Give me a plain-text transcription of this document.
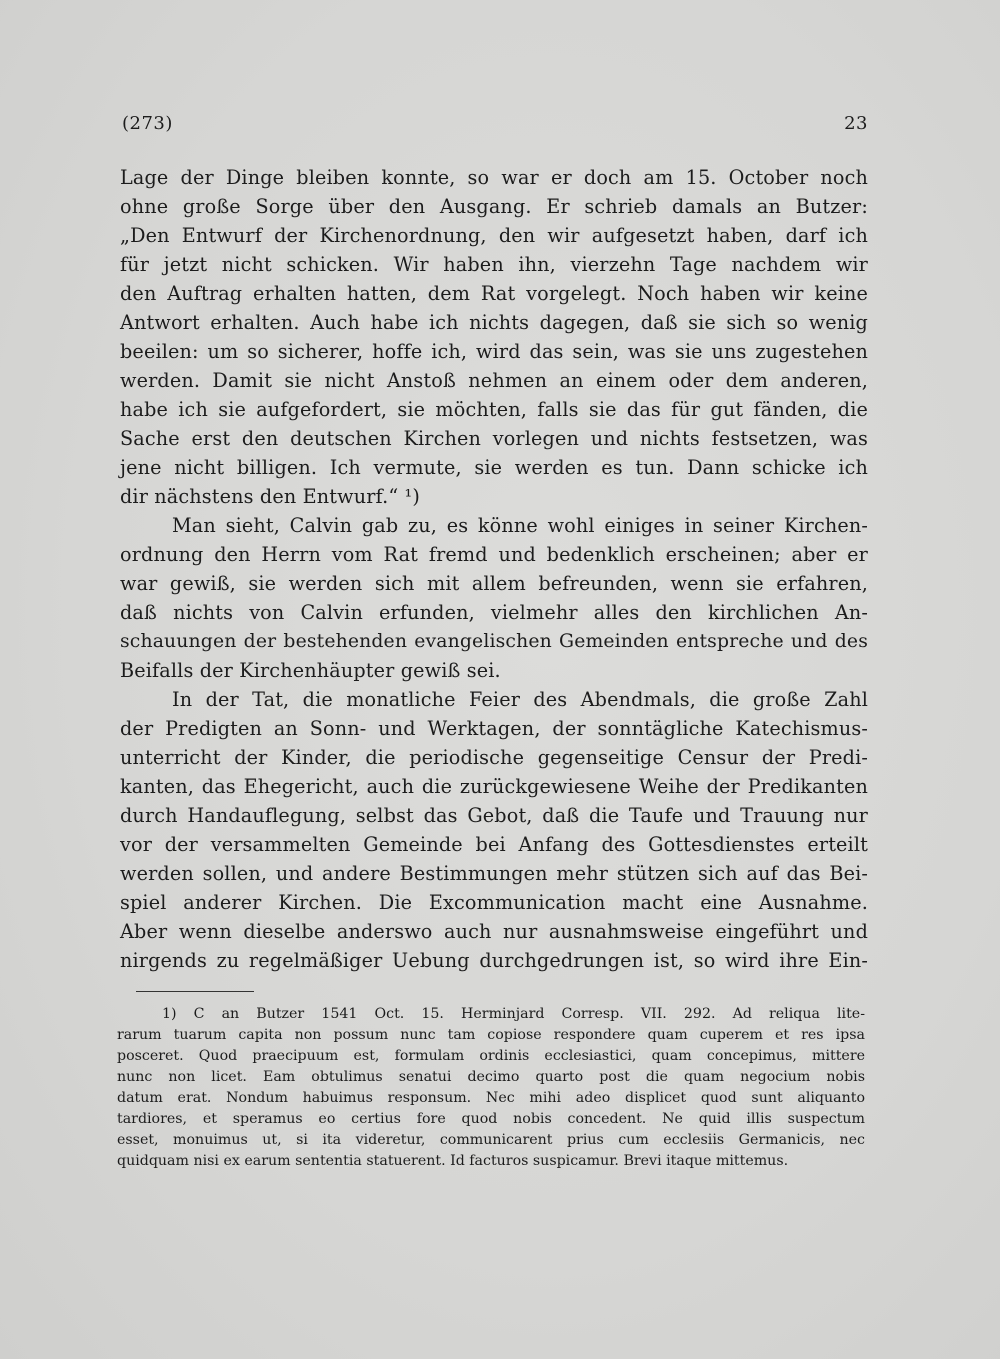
(273)	23
Lage der Dinge bleiben konnte, so war er doch am 15. October noch
ohne große Sorge über den Ausgang. Er schrieb damals an Butzer:
„Den Entwurf der Kirchenordnung, den wir aufgesetzt haben, darf ich
für jetzt nicht schicken. Wir haben ihn, vierzehn Tage nachdem wir
den Auftrag erhalten hatten, dem Rat vorgelegt. Noch haben wir keine
Antwort erhalten. Auch habe ich nichts dagegen, daß sie sich so wenig
beeilen: um so sicherer, hoffe ich, wird das sein, was sie uns zugestehen
werden. Damit sie nicht Anstoß nehmen an einem oder dem anderen,
habe ich sie aufgefordert, sie möchten, falls sie das für gut fänden, die
Sache erst den deutschen Kirchen vorlegen und nichts festsetzen, was
jene nicht billigen. Ich vermute, sie werden es tun. Dann schicke ich
dir nächstens den Entwurf.“ ¹)
Man sieht, Calvin gab zu, es könne wohl einiges in seiner Kirchen-
ordnung den Herrn vom Rat fremd und bedenklich erscheinen; aber er
war gewiß, sie werden sich mit allem befreunden, wenn sie erfahren,
daß nichts von Calvin erfunden, vielmehr alles den kirchlichen An-
schauungen der bestehenden evangelischen Gemeinden entspreche und des
Beifalls der Kirchenhäupter gewiß sei.
In der Tat, die monatliche Feier des Abendmals, die große Zahl
der Predigten an Sonn- und Werktagen, der sonntägliche Katechismus-
unterricht der Kinder, die periodische gegenseitige Censur der Predi-
kanten, das Ehegericht, auch die zurückgewiesene Weihe der Predikanten
durch Handauflegung, selbst das Gebot, daß die Taufe und Trauung nur
vor der versammelten Gemeinde bei Anfang des Gottesdienstes erteilt
werden sollen, und andere Bestimmungen mehr stützen sich auf das Bei-
spiel anderer Kirchen. Die Excommunication macht eine Ausnahme.
Aber wenn dieselbe anderswo auch nur ausnahmsweise eingeführt und
nirgends zu regelmäßiger Uebung durchgedrungen ist, so wird ihre Ein-
1) C an Butzer 1541 Oct. 15. Herminjard Corresp. VII. 292. Ad reliqua lite-
rarum tuarum capita non possum nunc tam copiose respondere quam cuperem et res ipsa
posceret. Quod praecipuum est, formulam ordinis ecclesiastici, quam concepimus, mittere
nunc non licet. Eam obtulimus senatui decimo quarto post die quam negocium nobis
datum erat. Nondum habuimus responsum. Nec mihi adeo displicet quod sunt aliquanto
tardiores, et speramus eo certius fore quod nobis concedent. Ne quid illis suspectum
esset, monuimus ut, si ita videretur, communicarent prius cum ecclesiis Germanicis, nec
quidquam nisi ex earum sententia statuerent. Id facturos suspicamur. Brevi itaque mittemus.
